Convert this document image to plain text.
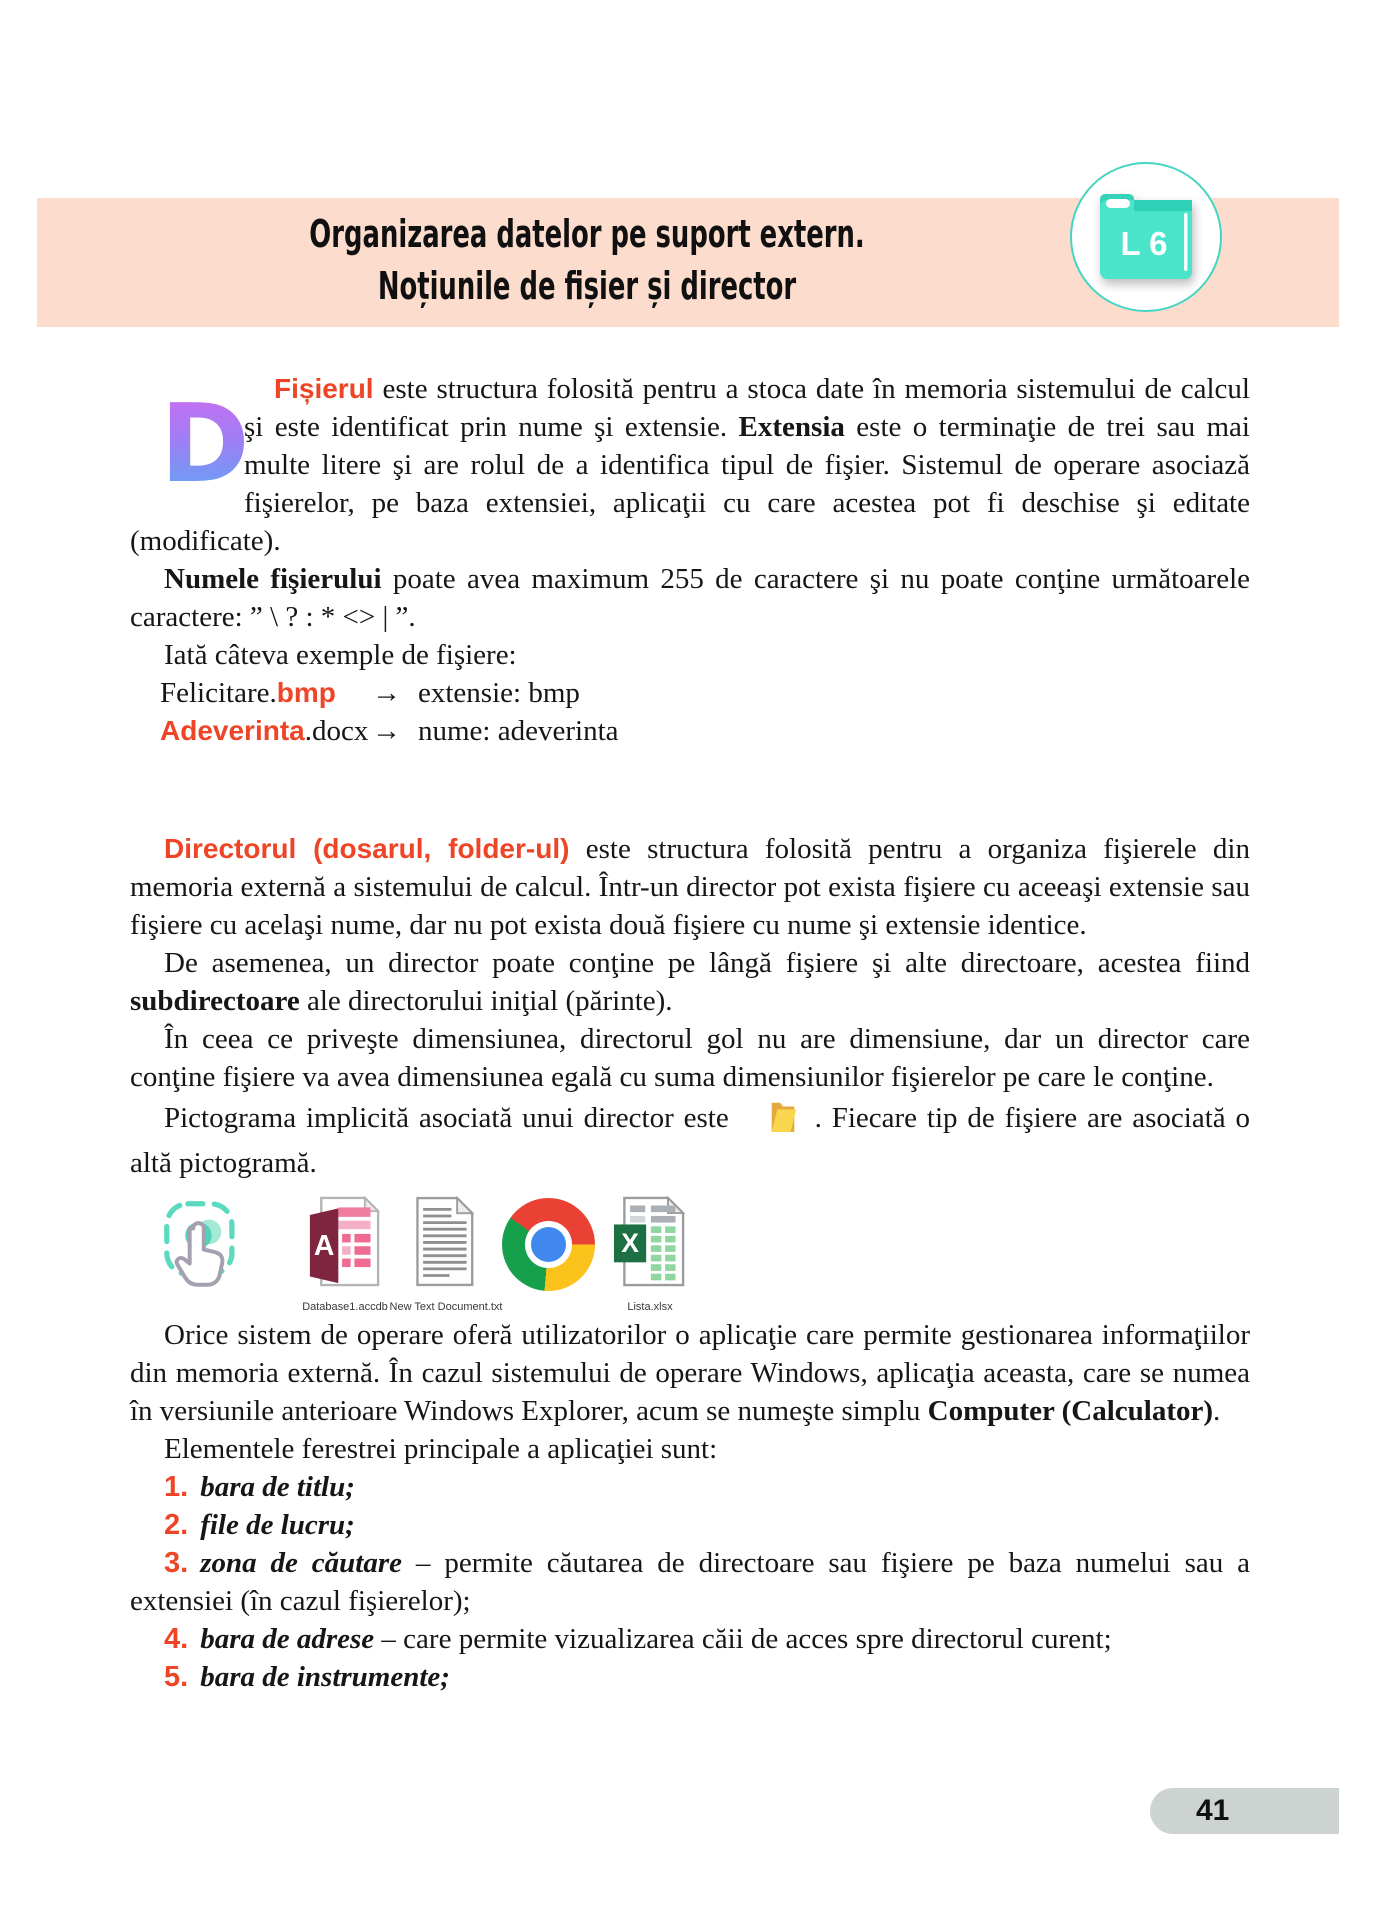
Organizarea datelor pe suport extern.
Noțiunile de fișier și director
L 6

D Fișierul este structura folosită pentru a stoca date în memoria sistemului de calcul şi este identificat prin nume şi extensie. Extensia este o terminaţie de trei sau mai multe litere şi are rolul de a identifica tipul de fişier. Sistemul de operare asociază fişierelor, pe baza extensiei, aplicaţii cu care acestea pot fi deschise şi editate (modificate).

Numele fişierului poate avea maximum 255 de caractere şi nu poate conţine următoarele caractere: ” \ ? : * <> | ”.

Iată câteva exemple de fişiere:

Felicitare.bmp → extensie: bmp

Adeverinta.docx → nume: adeverinta

Directorul (dosarul, folder-ul) este structura folosită pentru a organiza fişierele din memoria externă a sistemului de calcul. Într-un director pot exista fişiere cu aceeaşi extensie sau fişiere cu acelaşi nume, dar nu pot exista două fişiere cu nume şi extensie identice.

De asemenea, un director poate conţine pe lângă fişiere şi alte directoare, acestea fiind subdirectoare ale directorului iniţial (părinte).

În ceea ce priveşte dimensiunea, directorul gol nu are dimensiune, dar un director care conţine fişiere va avea dimensiunea egală cu suma dimensiunilor fişierelor pe care le conţine.

Pictograma implicită asociată unui director este	. Fiecare tip de fişiere are asociată o altă pictogramă.

A	X
Database1.accdb New Text Document.txt	Lista.xlsx

Orice sistem de operare oferă utilizatorilor o aplicaţie care permite gestionarea informaţiilor din memoria externă. În cazul sistemului de operare Windows, aplicaţia aceasta, care se numea în versiunile anterioare Windows Explorer, acum se numeşte simplu Computer (Calculator).

Elementele ferestrei principale a aplicaţiei sunt:

1. bara de titlu;

2. file de lucru;

3. zona de căutare – permite căutarea de directoare sau fişiere pe baza numelui sau a extensiei (în cazul fişierelor);

4. bara de adrese – care permite vizualizarea căii de acces spre directorul curent;

5. bara de instrumente;

41
